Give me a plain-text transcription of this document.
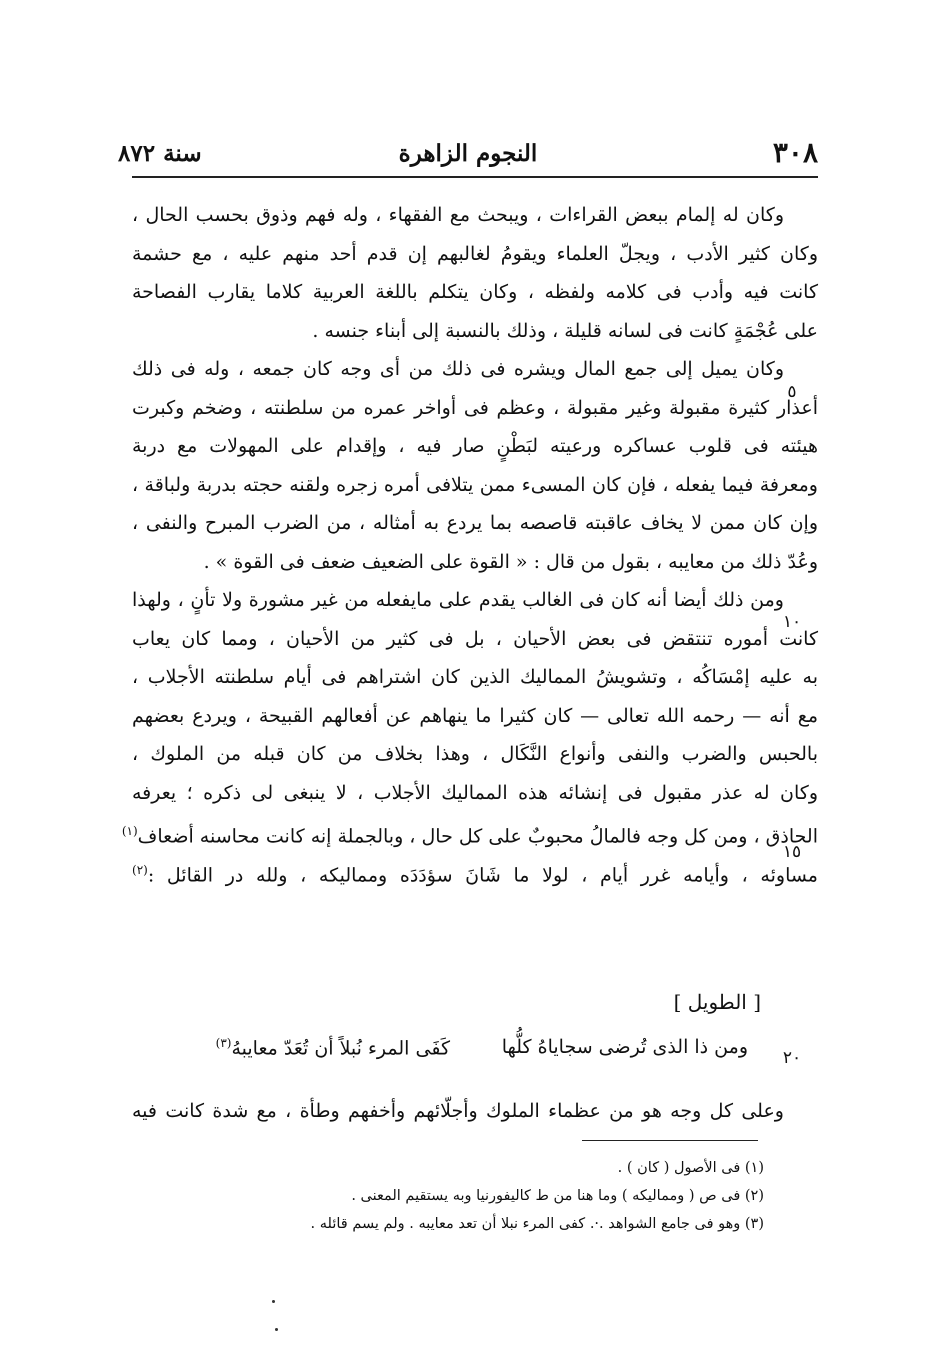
سنة ٨٧٢	النجوم الزاهرة	٣٠٨
وكان له إلمام ببعض القراءات ، ويبحث مع الفقهاء ، وله فهم وذوق بحسب الحال ،
وكان كثير الأدب ، ويجلّ العلماء ويقومُ لغالبهم إن قدم أحد منهم عليه ، مع حشمة
كانت فيه وأدب فى كلامه ولفظه ، وكان يتكلم باللغة العربية كلاما يقارب الفصاحة
على عُجْمَةٍ كانت فى لسانه قليلة ، وذلك بالنسبة إلى أبناء جنسه .
وكان يميل إلى جمع المال ويشره فى ذلك من أى وجه كان جمعه ، وله فى ذلك
أعذار كثيرة مقبولة وغير مقبولة ، وعظم فى أواخر عمره من سلطنته ، وضخم وكبرت
هيئته فى قلوب عساكره ورعيته لبَطْنٍ صار فيه ، وإقدام على المهولات مع دربة
ومعرفة فيما يفعله ، فإن كان المسىء ممن يتلافى أمره زجره ولقنه حجته بدربة ولباقة ،
وإن كان ممن لا يخاف عاقبته قاصصه بما يردع به أمثاله ، من الضرب المبرح والنفى ،
وعُدّ ذلك من معايبه ، بقول من قال : « القوة على الضعيف ضعف فى القوة » .
ومن ذلك أيضا أنه كان فى الغالب يقدم على مايفعله من غير مشورة ولا تأنٍ ، ولهذا
كانت أموره تنتقض فى بعض الأحيان ، بل فى كثير من الأحيان ، ومما كان يعاب
به عليه إمْسَاكُه ، وتشويشُ المماليك الذين كان اشتراهم فى أيام سلطنته الأجلاب ،
مع أنه — رحمه الله تعالى — كان كثيرا ما ينهاهم عن أفعالهم القبيحة ، ويردع بعضهم
بالحبس والضرب والنفى وأنواع النَّكَال ، وهذا بخلاف من كان قبله من الملوك ،
وكان له عذر مقبول فى إنشائه هذه المماليك الأجلاب ، لا ينبغى لى ذكره ؛ يعرفه
الحاذق ، ومن كل وجه فالمالُ محبوبٌ على كل حال ، وبالجملة إنه كانت محاسنه أضعاف$^{(١)}$
مساوئه ، وأيامه غرر أيام ، لولا ما شَانَ سؤدَدَه ومماليكه ، ولله در القائل :$^{(٢)}$
٥
١٠
١٥
٢٠
[ الطويل ]
ومن ذا الذى تُرضى سجاياهُ كلُّها
كَفَى المرء نُبلاً أن تُعَدّ معايبهُ$^{(٣)}$
وعلى كل وجه هو من عظماء الملوك وأجلّائهم وأخفهم وطأة ، مع شدة كانت فيه
(١) فى الأصول ( كان ) .
(٢) فى ص ( ومماليكه ) وما هنا من ط كاليفورنيا وبه يستقيم المعنى .
(٣) وهو فى جامع الشواهد .·. كفى المرء نبلا أن تعد معايبه . ولم يسم قائله .
